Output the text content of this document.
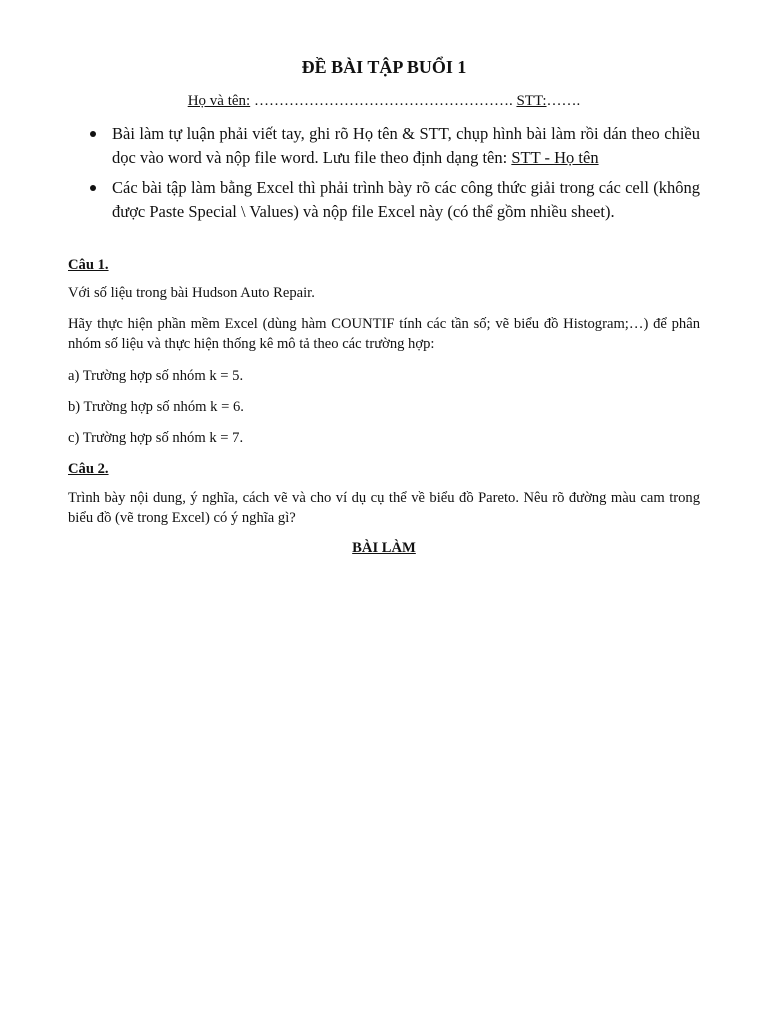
ĐỀ BÀI TẬP BUỔI 1
Họ và tên: ……………………………………………. STT:…….
Bài làm tự luận phải viết tay, ghi rõ Họ tên & STT, chụp hình bài làm rồi dán theo chiều dọc vào word và nộp file word. Lưu file theo định dạng tên: STT - Họ tên
Các bài tập làm bằng Excel thì phải trình bày rõ các công thức giải trong các cell (không được Paste Special \ Values) và nộp file Excel này (có thể gồm nhiều sheet).

Câu 1.

Với số liệu trong bài Hudson Auto Repair.

Hãy thực hiện phần mềm Excel (dùng hàm COUNTIF tính các tần số; vẽ biểu đồ Histogram;…) để phân nhóm số liệu và thực hiện thống kê mô tả theo các trường hợp:

a) Trường hợp số nhóm k = 5.

b) Trường hợp số nhóm k = 6.

c) Trường hợp số nhóm k = 7.

Câu 2.

Trình bày nội dung, ý nghĩa, cách vẽ và cho ví dụ cụ thể về biểu đồ Pareto. Nêu rõ đường màu cam trong biểu đồ (vẽ trong Excel) có ý nghĩa gì?

BÀI LÀM
